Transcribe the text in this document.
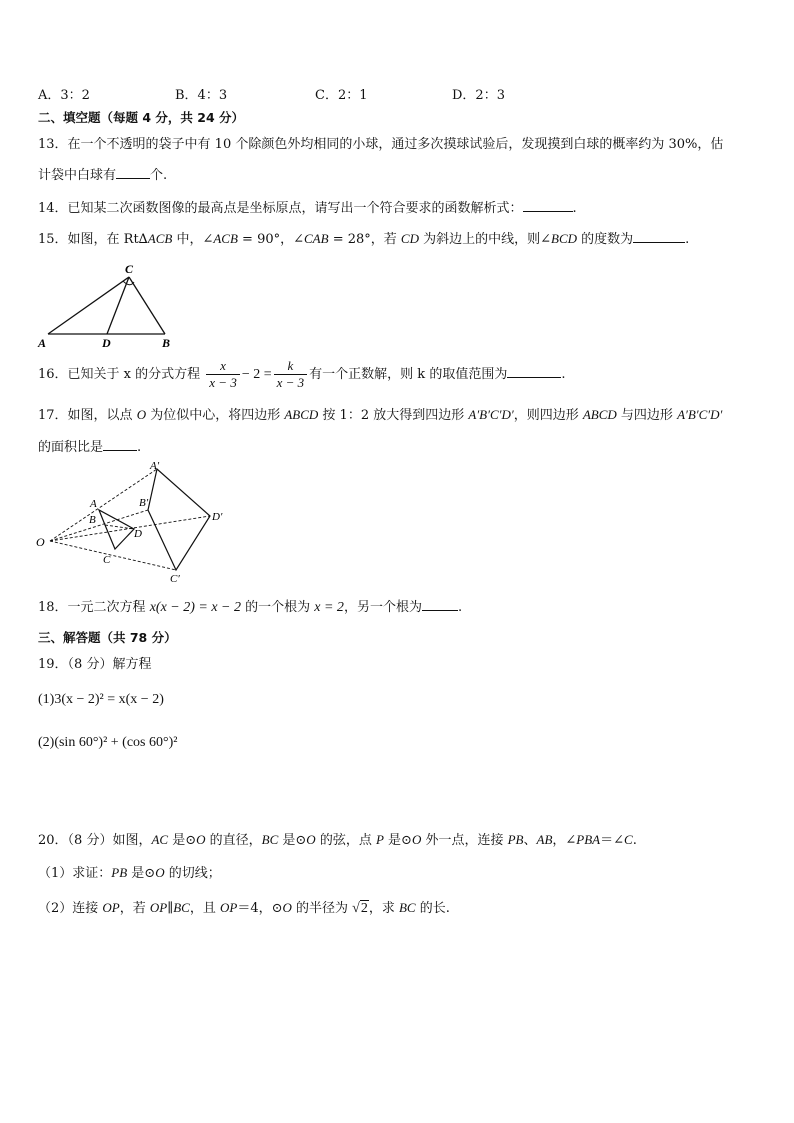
A．3：2	B．4：3	C．2：1	D．2：3
二、填空题（每题 4 分，共 24 分）
13．在一个不透明的袋子中有 10 个除颜色外均相同的小球，通过多次摸球试验后，发现摸到白球的概率约为 30%，估
计袋中白球有	个.
14．已知某二次函数图像的最高点是坐标原点，请写出一个符合要求的函数解析式：	.
15．如图，在 Rt∆ACB 中，∠ACB = 90°，∠CAB = 28°，若 CD 为斜边上的中线，则∠BCD 的度数为	.
C
A	D	B
16．已知关于 x 的分式方程 $\frac{x}{x - 3} - 2 = \frac{k}{x - 3}$ 有一个正数解，则 k 的取值范围为	.
17．如图，以点 O 为位似中心，将四边形 ABCD 按 1：2 放大得到四边形 A′B′C′D′，则四边形 ABCD 与四边形 A′B′C′D′
的面积比是	.
O
A
B
C
D
A′
B′
C′
D′
18．一元二次方程 x(x − 2) = x − 2 的一个根为 x = 2，另一个根为	.
三、解答题（共 78 分）
19．（8 分）解方程
(1)3(x − 2)² = x(x − 2)
(2)(sin 60°)² + (cos 60°)²
20．（8 分）如图，AC 是⊙O 的直径，BC 是⊙O 的弦，点 P 是⊙O 外一点，连接 PB、AB，∠PBA＝∠C.
（1）求证：PB 是⊙O 的切线；
（2）连接 OP，若 OP∥BC，且 OP＝4，⊙O 的半径为 √2，求 BC 的长.
